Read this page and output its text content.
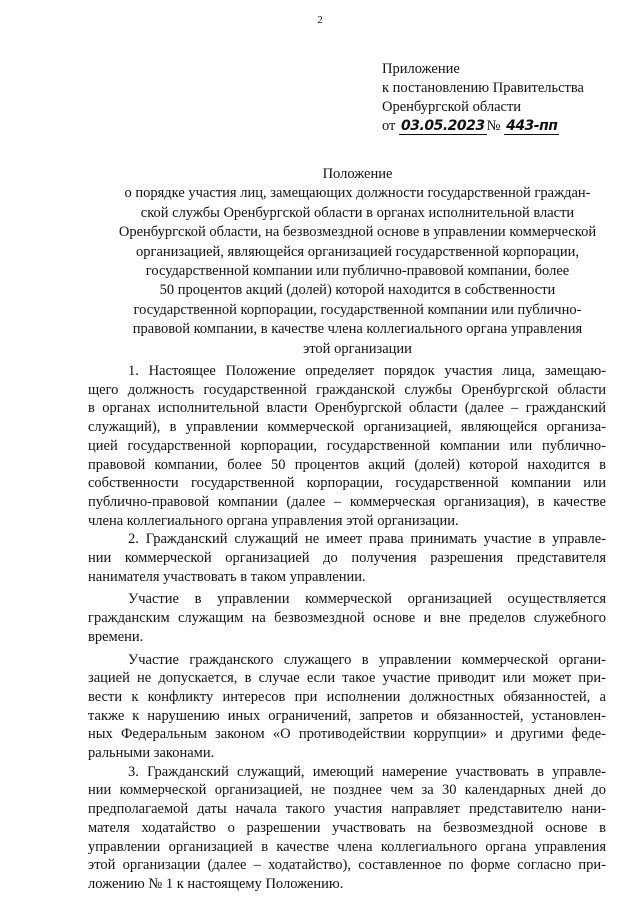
2
Приложение
к постановлению Правительства
Оренбургской области
от 03.05.2023 № 443-пп
Положение
о порядке участия лиц, замещающих должности государственной граждан-
ской службы Оренбургской области в органах исполнительной власти
Оренбургской области, на безвозмездной основе в управлении коммерческой
организацией, являющейся организацией государственной корпорации,
государственной компании или публично-правовой компании, более
50 процентов акций (долей) которой находится в собственности
государственной корпорации, государственной компании или публично-
правовой компании, в качестве члена коллегиального органа управления
этой организации
1. Настоящее Положение определяет порядок участия лица, замещаю-
щего должность государственной гражданской службы Оренбургской области
в органах исполнительной власти Оренбургской области (далее – гражданский
служащий), в управлении коммерческой организацией, являющейся организа-
цией государственной корпорации, государственной компании или публично-
правовой компании, более 50 процентов акций (долей) которой находится в
собственности государственной корпорации, государственной компании или
публично-правовой компании (далее – коммерческая организация), в качестве
члена коллегиального органа управления этой организации.
2. Гражданский служащий не имеет права принимать участие в управле-
нии коммерческой организацией до получения разрешения представителя
нанимателя участвовать в таком управлении.
Участие в управлении коммерческой организацией осуществляется
гражданским служащим на безвозмездной основе и вне пределов служебного
времени.
Участие гражданского служащего в управлении коммерческой органи-
зацией не допускается, в случае если такое участие приводит или может при-
вести к конфликту интересов при исполнении должностных обязанностей, а
также к нарушению иных ограничений, запретов и обязанностей, установлен-
ных Федеральным законом «О противодействии коррупции» и другими феде-
ральными законами.
3. Гражданский служащий, имеющий намерение участвовать в управле-
нии коммерческой организацией, не позднее чем за 30 календарных дней до
предполагаемой даты начала такого участия направляет представителю нани-
мателя ходатайство о разрешении участвовать на безвозмездной основе в
управлении организацией в качестве члена коллегиального органа управления
этой организации (далее – ходатайство), составленное по форме согласно при-
ложению № 1 к настоящему Положению.
